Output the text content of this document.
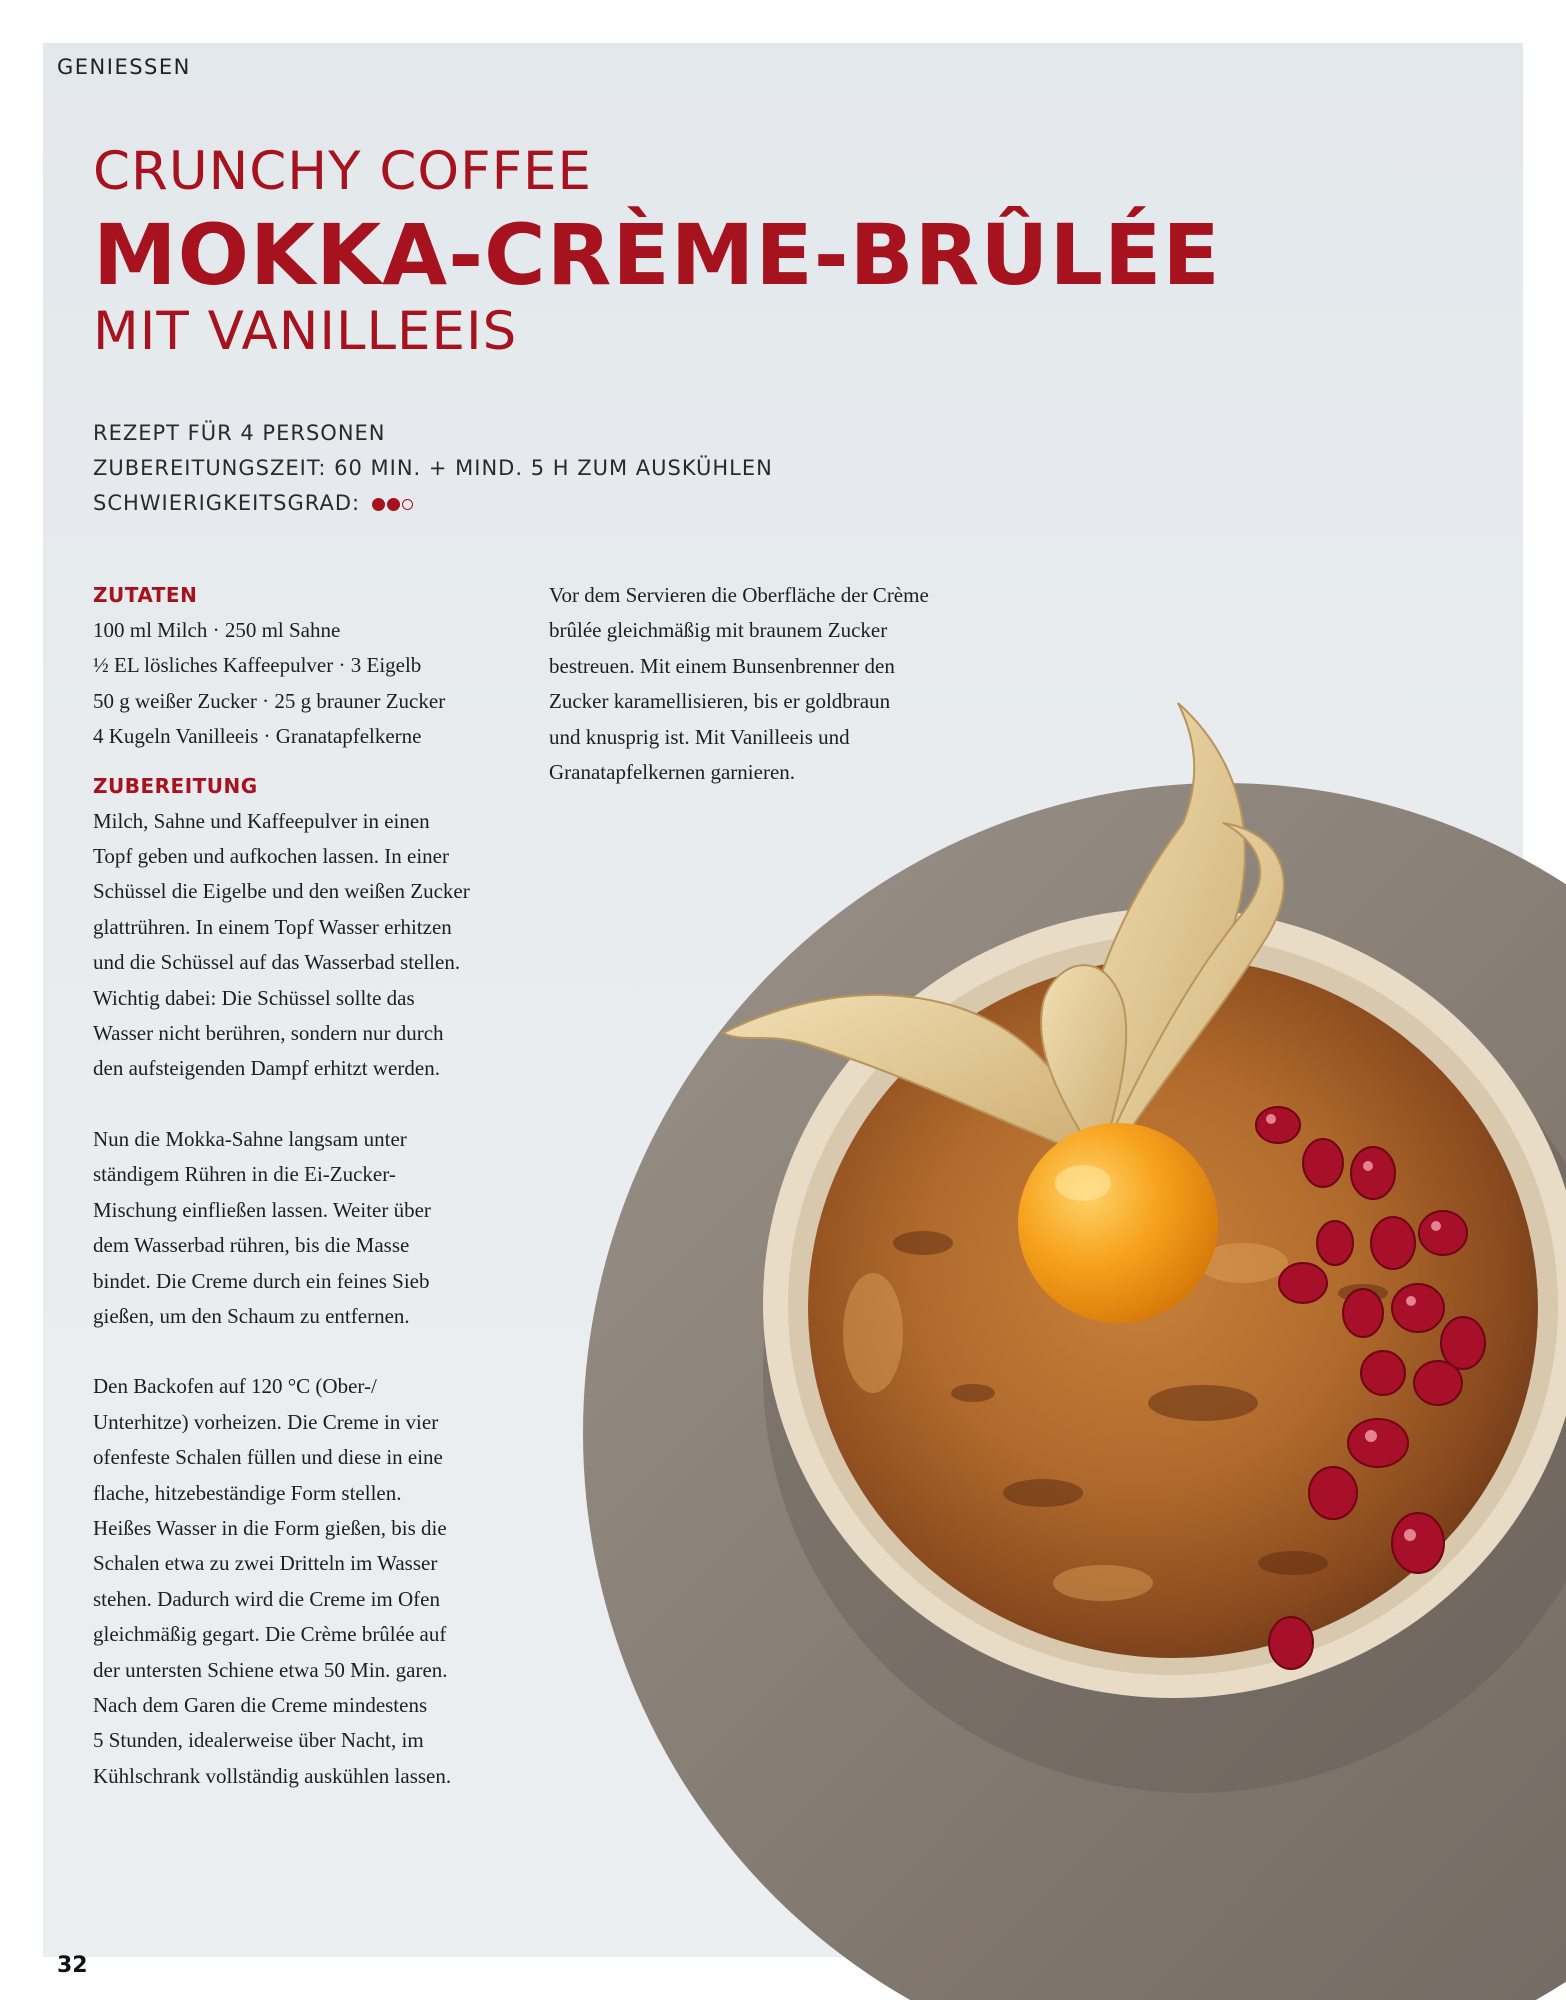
GENIESSEN
CRUNCHY COFFEE
MOKKA-CRÈME-BRÛLÉE
MIT VANILLEEIS
REZEPT FÜR 4 PERSONEN
ZUBEREITUNGSZEIT: 60 MIN. + MIND. 5 H ZUM AUSKÜHLEN
SCHWIERIGKEITSGRAD:
ZUTATEN
100 ml Milch · 250 ml Sahne
½ EL lösliches Kaffeepulver · 3 Eigelb
50 g weißer Zucker · 25 g brauner Zucker
4 Kugeln Vanilleeis · Granatapfelkerne
ZUBEREITUNG
Milch, Sahne und Kaffeepulver in einen
Topf geben und aufkochen lassen. In einer
Schüssel die Eigelbe und den weißen Zucker
glattrühren. In einem Topf Wasser erhitzen
und die Schüssel auf das Wasserbad stellen.
Wichtig dabei: Die Schüssel sollte das
Wasser nicht berühren, sondern nur durch
den aufsteigenden Dampf erhitzt werden.
Nun die Mokka-Sahne langsam unter
ständigem Rühren in die Ei-Zucker-
Mischung einfließen lassen. Weiter über
dem Wasserbad rühren, bis die Masse
bindet. Die Creme durch ein feines Sieb
gießen, um den Schaum zu entfernen.
Den Backofen auf 120 °C (Ober-/
Unterhitze) vorheizen. Die Creme in vier
ofenfeste Schalen füllen und diese in eine
flache, hitzebeständige Form stellen.
Heißes Wasser in die Form gießen, bis die
Schalen etwa zu zwei Dritteln im Wasser
stehen. Dadurch wird die Creme im Ofen
gleichmäßig gegart. Die Crème brûlée auf
der untersten Schiene etwa 50 Min. garen.
Nach dem Garen die Creme mindestens
5 Stunden, idealerweise über Nacht, im
Kühlschrank vollständig auskühlen lassen.
Vor dem Servieren die Oberfläche der Crème
brûlée gleichmäßig mit braunem Zucker
bestreuen. Mit einem Bunsenbrenner den
Zucker karamellisieren, bis er goldbraun
und knusprig ist. Mit Vanilleeis und
Granatapfelkernen garnieren.
32
